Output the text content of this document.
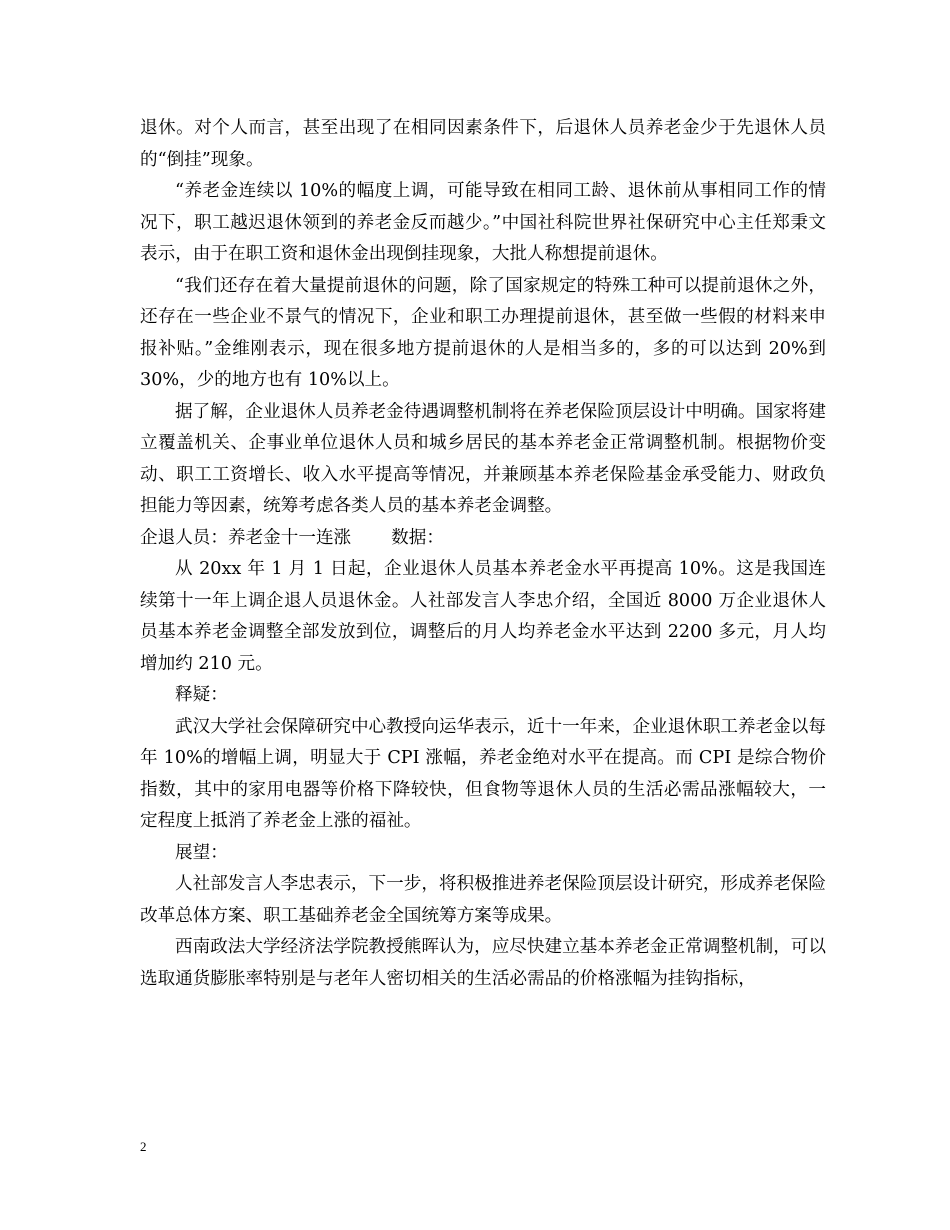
退休。对个人而言，甚至出现了在相同因素条件下，后退休人员养老金少于先退休人员的“倒挂”现象。

“养老金连续以 10%的幅度上调，可能导致在相同工龄、退休前从事相同工作的情况下，职工越迟退休领到的养老金反而越少。”中国社科院世界社保研究中心主任郑秉文表示，由于在职工资和退休金出现倒挂现象，大批人称想提前退休。

“我们还存在着大量提前退休的问题，除了国家规定的特殊工种可以提前退休之外，还存在一些企业不景气的情况下，企业和职工办理提前退休，甚至做一些假的材料来申报补贴。”金维刚表示，现在很多地方提前退休的人是相当多的，多的可以达到 20%到 30%，少的地方也有 10%以上。

据了解，企业退休人员养老金待遇调整机制将在养老保险顶层设计中明确。国家将建立覆盖机关、企事业单位退休人员和城乡居民的基本养老金正常调整机制。根据物价变动、职工工资增长、收入水平提高等情况，并兼顾基本养老保险基金承受能力、财政负担能力等因素，统筹考虑各类人员的基本养老金调整。

企退人员：养老金十一连涨 数据：

从 20xx 年 1 月 1 日起，企业退休人员基本养老金水平再提高 10%。这是我国连续第十一年上调企退人员退休金。人社部发言人李忠介绍，全国近 8000 万企业退休人员基本养老金调整全部发放到位，调整后的月人均养老金水平达到 2200 多元，月人均增加约 210 元。

释疑：

武汉大学社会保障研究中心教授向运华表示，近十一年来，企业退休职工养老金以每年 10%的增幅上调，明显大于 CPI 涨幅，养老金绝对水平在提高。而 CPI 是综合物价指数，其中的家用电器等价格下降较快，但食物等退休人员的生活必需品涨幅较大，一定程度上抵消了养老金上涨的福祉。

展望：

人社部发言人李忠表示，下一步，将积极推进养老保险顶层设计研究，形成养老保险改革总体方案、职工基础养老金全国统筹方案等成果。

西南政法大学经济法学院教授熊晖认为，应尽快建立基本养老金正常调整机制，可以选取通货膨胀率特别是与老年人密切相关的生活必需品的价格涨幅为挂钩指标，

2
